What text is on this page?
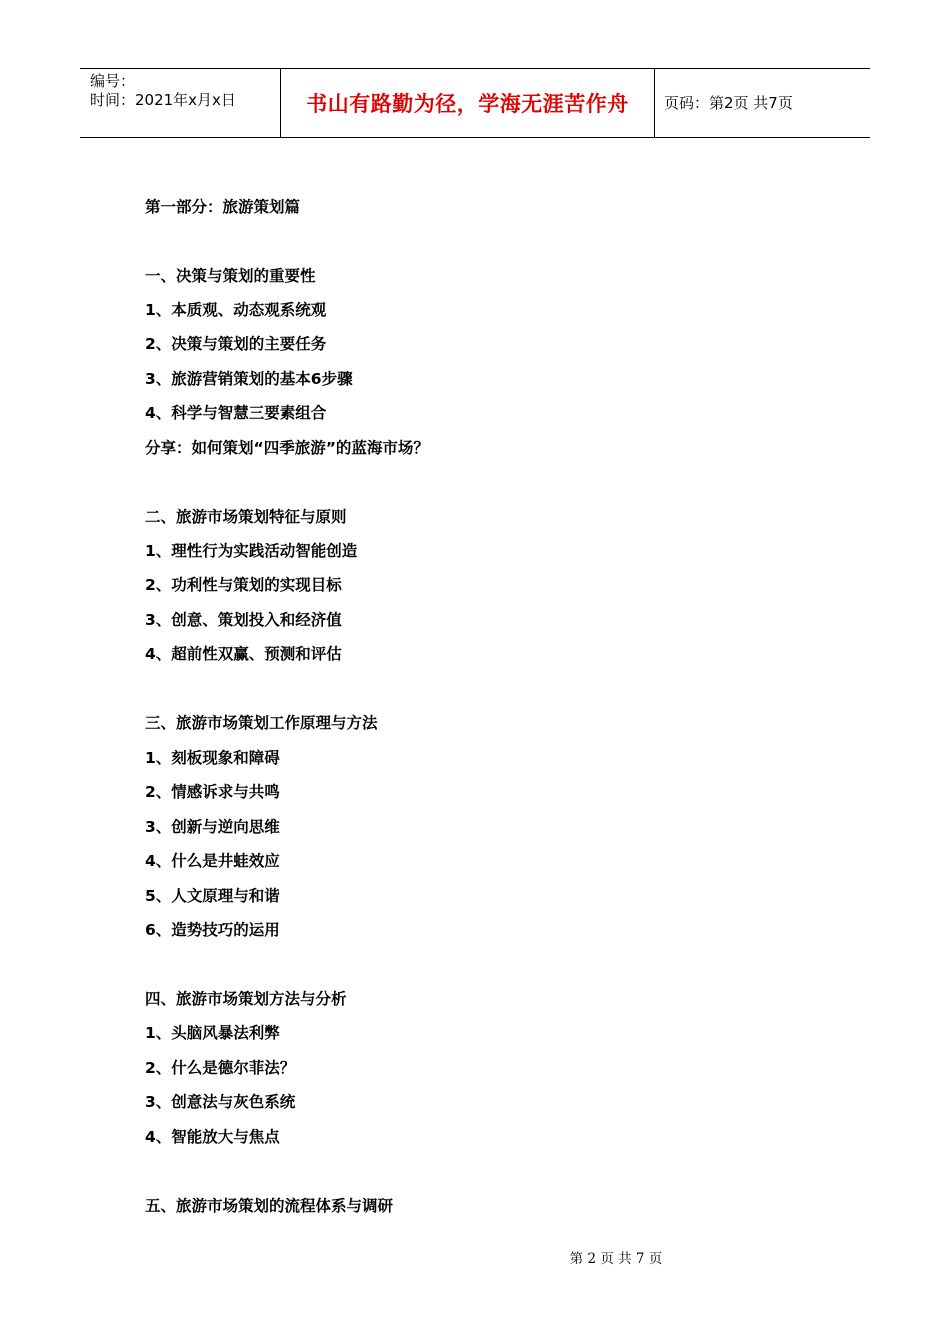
编号：
时间：2021年x月x日	书山有路勤为径，学海无涯苦作舟	页码：第2页 共7页
第一部分：旅游策划篇
一、决策与策划的重要性
1、本质观、动态观系统观
2、决策与策划的主要任务
3、旅游营销策划的基本6步骤
4、科学与智慧三要素组合
分享：如何策划“四季旅游”的蓝海市场？
二、旅游市场策划特征与原则
1、理性行为实践活动智能创造
2、功利性与策划的实现目标
3、创意、策划投入和经济值
4、超前性双赢、预测和评估
三、旅游市场策划工作原理与方法
1、刻板现象和障碍
2、情感诉求与共鸣
3、创新与逆向思维
4、什么是井蛙效应
5、人文原理与和谐
6、造势技巧的运用
四、旅游市场策划方法与分析
1、头脑风暴法利弊
2、什么是德尔菲法？
3、创意法与灰色系统
4、智能放大与焦点
五、旅游市场策划的流程体系与调研
第 2 页 共 7 页
